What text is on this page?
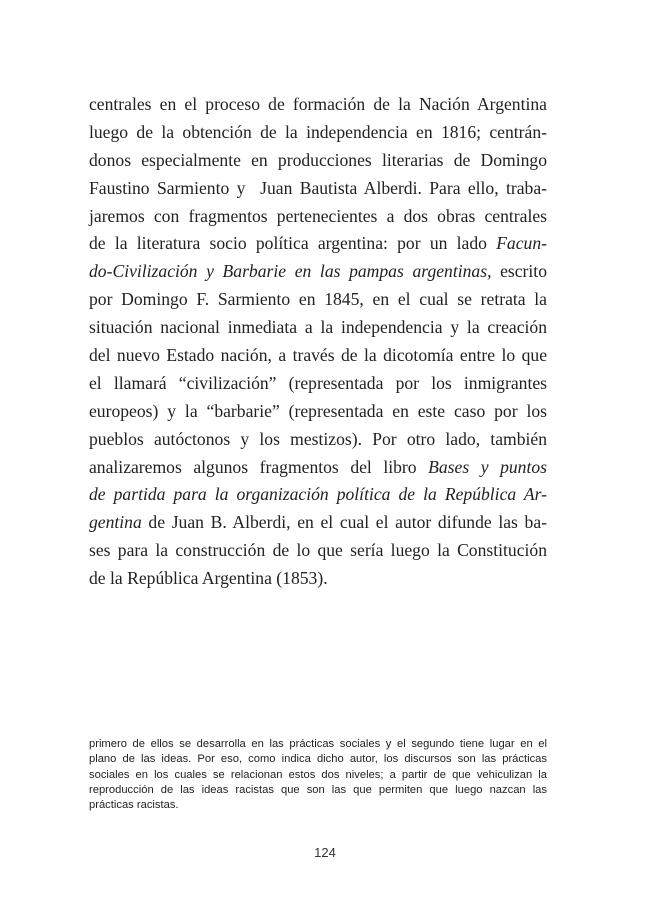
centrales en el proceso de formación de la Nación Argentina
luego de la obtención de la independencia en 1816; centrán-
donos especialmente en producciones literarias de Domingo
Faustino Sarmiento y  Juan Bautista Alberdi. Para ello, traba-
jaremos con fragmentos pertenecientes a dos obras centrales
de la literatura socio política argentina: por un lado Facun-
do-Civilización y Barbarie en las pampas argentinas, escrito
por Domingo F. Sarmiento en 1845, en el cual se retrata la
situación nacional inmediata a la independencia y la creación
del nuevo Estado nación, a través de la dicotomía entre lo que
el llamará “civilización” (representada por los inmigrantes
europeos) y la “barbarie” (representada en este caso por los
pueblos autóctonos y los mestizos). Por otro lado, también
analizaremos algunos fragmentos del libro Bases y puntos
de partida para la organización política de la República Ar-
gentina de Juan B. Alberdi, en el cual el autor difunde las ba-
ses para la construcción de lo que sería luego la Constitución
de la República Argentina (1853).
primero de ellos se desarrolla en las prácticas sociales y el segundo tiene lugar en el
plano de las ideas. Por eso, como indica dicho autor, los discursos son las prácticas
sociales en los cuales se relacionan estos dos niveles; a partir de que vehiculizan la
reproducción de las ideas racistas que son las que permiten que luego nazcan las
prácticas racistas.
124
